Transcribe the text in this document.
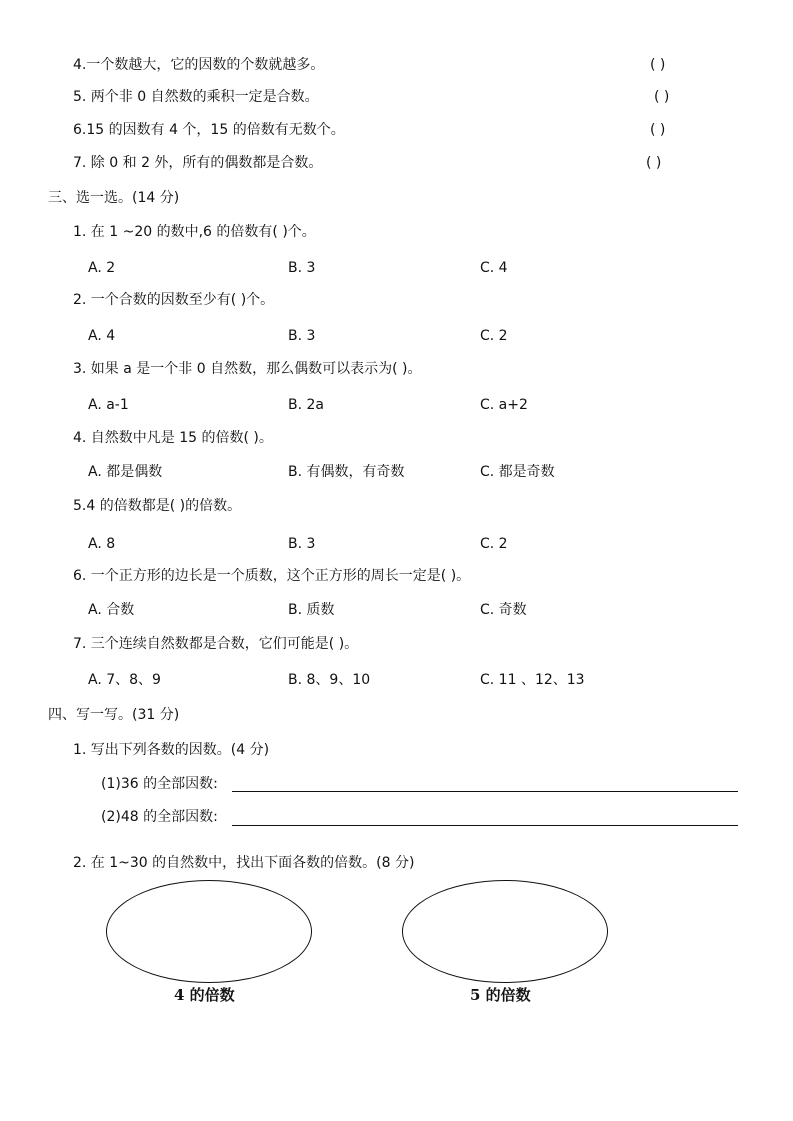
4.一个数越大，它的因数的个数就越多。	( )
5. 两个非 0 自然数的乘积一定是合数。	( )
6.15 的因数有 4 个，15 的倍数有无数个。	( )
7. 除 0 和 2 外，所有的偶数都是合数。	( )
三、选一选。(14 分)
1. 在 1 ~20 的数中,6 的倍数有( )个。
A. 2	B. 3	C. 4
2. 一个合数的因数至少有( )个。
A. 4	B. 3	C. 2
3. 如果 a 是一个非 0 自然数，那么偶数可以表示为( )。
A. a-1	B. 2a	C. a+2
4. 自然数中凡是 15 的倍数( )。
A. 都是偶数	B. 有偶数，有奇数	C. 都是奇数
5.4 的倍数都是( )的倍数。
A. 8	B. 3	C. 2
6. 一个正方形的边长是一个质数，这个正方形的周长一定是( )。
A. 合数	B. 质数	C. 奇数
7. 三个连续自然数都是合数，它们可能是( )。
A. 7、8、9	B. 8、9、10	C. 11 、12、13
四、写一写。(31 分)
1. 写出下列各数的因数。(4 分)
(1)36 的全部因数:
(2)48 的全部因数:
2. 在 1~30 的自然数中，找出下面各数的倍数。(8 分)
4 的倍数	5 的倍数
